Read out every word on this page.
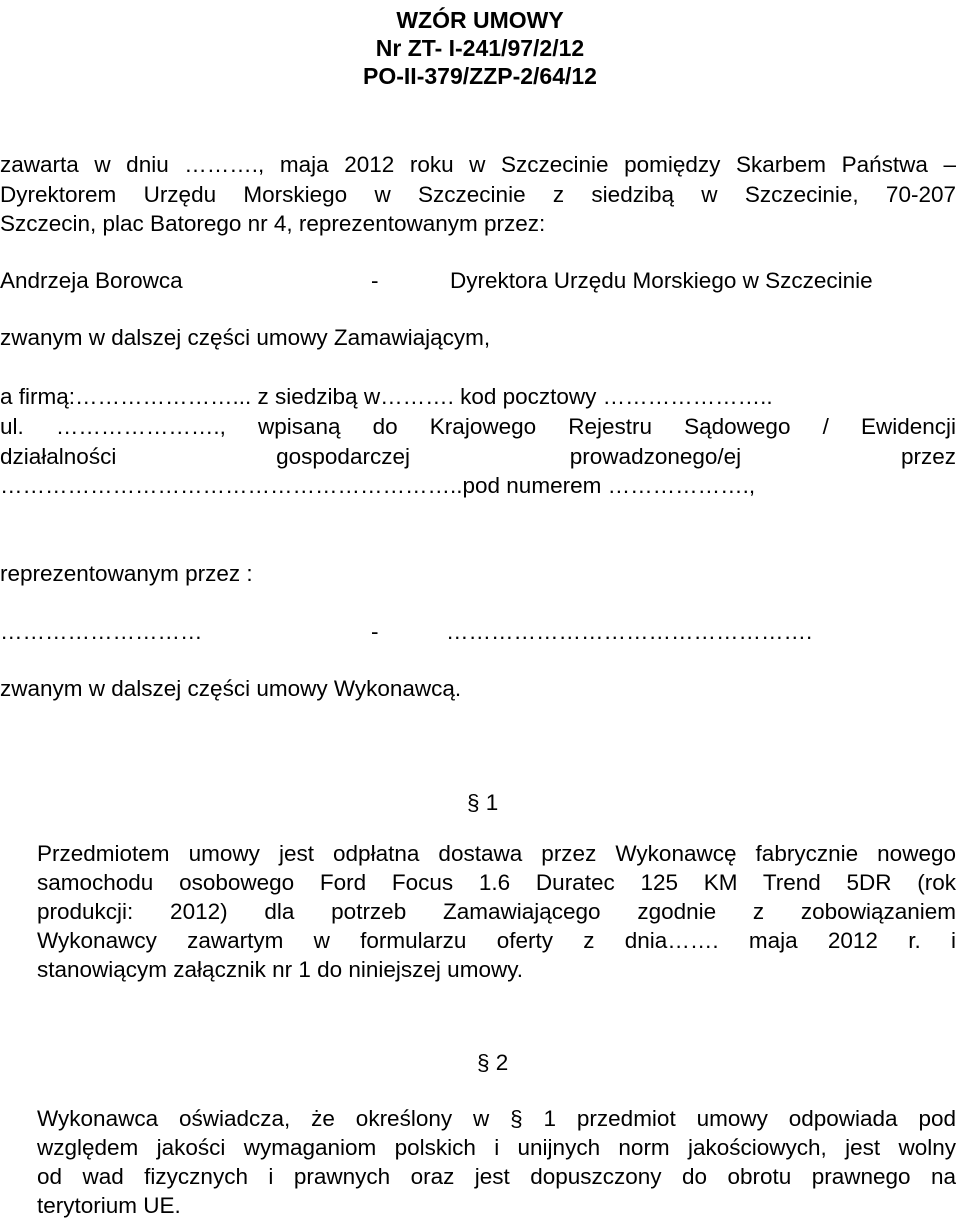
WZÓR UMOWY
Nr ZT- I-241/97/2/12
PO-II-379/ZZP-2/64/12
zawarta w dniu ………., maja 2012 roku w Szczecinie pomiędzy Skarbem Państwa –
Dyrektorem Urzędu Morskiego w Szczecinie z siedzibą w Szczecinie, 70-207
Szczecin, plac Batorego nr 4, reprezentowanym przez:
Andrzeja Borowca	-	Dyrektora Urzędu Morskiego w Szczecinie
zwanym w dalszej części umowy Zamawiającym,
a firmą:…………………... z siedzibą w………. kod pocztowy …………………..
ul. …………………., wpisaną do Krajowego Rejestru Sądowego / Ewidencji
działalności gospodarczej prowadzonego/ej przez
……………………………………………………..pod numerem ……………….,
reprezentowanym przez :
………………………	-	………………………………………….
zwanym w dalszej części umowy Wykonawcą.
§ 1
Przedmiotem umowy jest odpłatna dostawa przez Wykonawcę fabrycznie nowego
samochodu osobowego Ford Focus 1.6 Duratec 125 KM Trend 5DR (rok
produkcji: 2012) dla potrzeb Zamawiającego zgodnie z zobowiązaniem
Wykonawcy zawartym w formularzu oferty z dnia……. maja 2012 r. i
stanowiącym załącznik nr 1 do niniejszej umowy.
§ 2
Wykonawca oświadcza, że określony w § 1 przedmiot umowy odpowiada pod
względem jakości wymaganiom polskich i unijnych norm jakościowych, jest wolny
od wad fizycznych i prawnych oraz jest dopuszczony do obrotu prawnego na
terytorium UE.
